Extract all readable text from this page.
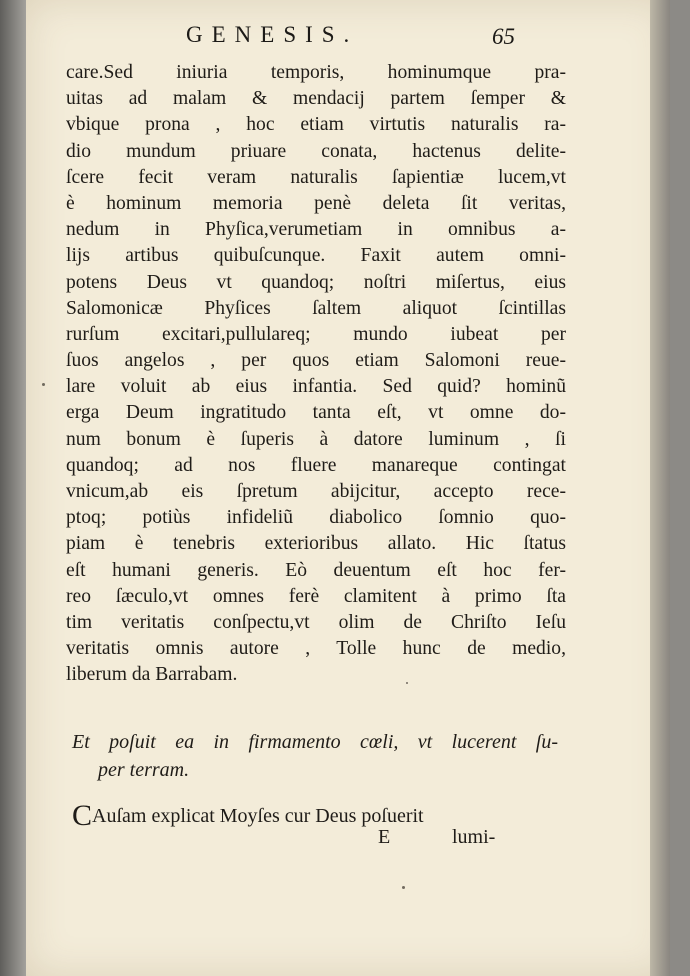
GENESIS.	65
care.Sed iniuria temporis, hominumque pra-
uitas ad malam & mendacij partem ſemper &
vbique prona , hoc etiam virtutis naturalis ra-
dio mundum priuare conata, hactenus delite-
ſcere fecit veram naturalis ſapientiæ lucem,vt
è hominum memoria penè deleta ſit veritas,
nedum in Phyſica,verumetiam in omnibus a-
lijs artibus quibuſcunque. Faxit autem omni-
potens Deus vt quandoq; noſtri miſertus, eius
Salomonicæ Phyſices ſaltem aliquot ſcintillas
rurſum excitari,pullulareq; mundo iubeat per
ſuos angelos , per quos etiam Salomoni reue-
lare voluit ab eius infantia. Sed quid? hominũ
erga Deum ingratitudo tanta eſt, vt omne do-
num bonum è ſuperis à datore luminum , ſi
quandoq; ad nos fluere manareque contingat
vnicum,ab eis ſpretum abijcitur, accepto rece-
ptoq; potiùs infideliũ diabolico ſomnio quo-
piam è tenebris exterioribus allato. Hic ſtatus
eſt humani generis. Eò deuentum eſt hoc fer-
reo ſæculo,vt omnes ferè clamitent à primo ſta
tim veritatis conſpectu,vt olim de Chriſto Ieſu
veritatis omnis autore , Tolle hunc de medio,
liberum da Barrabam.
Et poſuit ea in firmamento cœli, vt lucerent ſu-
per terram.
CAuſam explicat Moyſes cur Deus poſuerit
E	lumi-
